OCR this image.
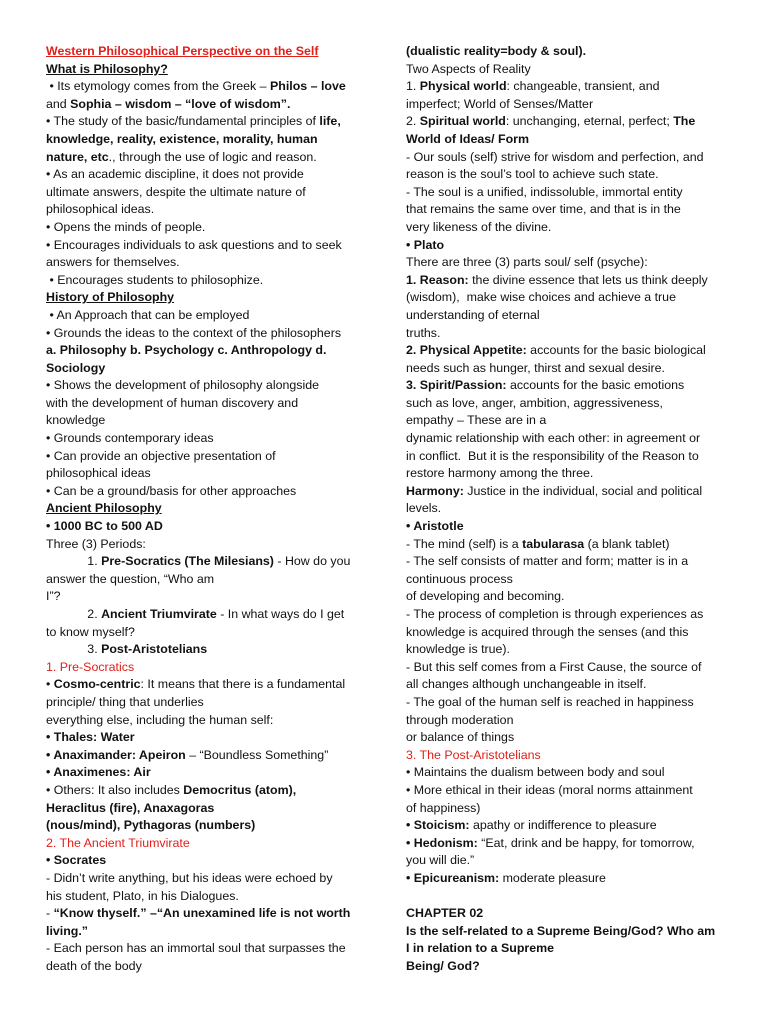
Western Philosophical Perspective on the Self
What is Philosophy?
• Its etymology comes from the Greek – Philos – love
and Sophia – wisdom – “love of wisdom”.
• The study of the basic/fundamental principles of life,
knowledge, reality, existence, morality, human
nature, etc., through the use of logic and reason.
• As an academic discipline, it does not provide
ultimate answers, despite the ultimate nature of
philosophical ideas.
• Opens the minds of people.
• Encourages individuals to ask questions and to seek
answers for themselves.
• Encourages students to philosophize.
History of Philosophy
• An Approach that can be employed
• Grounds the ideas to the context of the philosophers
a. Philosophy b. Psychology c. Anthropology d.
Sociology
• Shows the development of philosophy alongside
with the development of human discovery and
knowledge
• Grounds contemporary ideas
• Can provide an objective presentation of
philosophical ideas
• Can be a ground/basis for other approaches
Ancient Philosophy
• 1000 BC to 500 AD
Three (3) Periods:
1. Pre-Socratics (The Milesians) - How do you
answer the question, “Who am
I”?
2. Ancient Triumvirate - In what ways do I get
to know myself?
3. Post-Aristotelians
1. Pre-Socratics
• Cosmo-centric: It means that there is a fundamental
principle/ thing that underlies
everything else, including the human self:
• Thales: Water
• Anaximander: Apeiron – “Boundless Something”
• Anaximenes: Air
• Others: It also includes Democritus (atom),
Heraclitus (fire), Anaxagoras
(nous/mind), Pythagoras (numbers)
2. The Ancient Triumvirate
• Socrates
- Didn’t write anything, but his ideas were echoed by
his student, Plato, in his Dialogues.
- “Know thyself.” –“An unexamined life is not worth
living.”
- Each person has an immortal soul that surpasses the
death of the body
(dualistic reality=body & soul).
Two Aspects of Reality
1. Physical world: changeable, transient, and
imperfect; World of Senses/Matter
2. Spiritual world: unchanging, eternal, perfect; The
World of Ideas/ Form
- Our souls (self) strive for wisdom and perfection, and
reason is the soul’s tool to achieve such state.
- The soul is a unified, indissoluble, immortal entity
that remains the same over time, and that is in the
very likeness of the divine.
• Plato
There are three (3) parts soul/ self (psyche):
1. Reason: the divine essence that lets us think deeply
(wisdom),  make wise choices and achieve a true
understanding of eternal
truths.
2. Physical Appetite: accounts for the basic biological
needs such as hunger, thirst and sexual desire.
3. Spirit/Passion: accounts for the basic emotions
such as love, anger, ambition, aggressiveness,
empathy – These are in a
dynamic relationship with each other: in agreement or
in conflict.  But it is the responsibility of the Reason to
restore harmony among the three.
Harmony: Justice in the individual, social and political
levels.
• Aristotle
- The mind (self) is a tabularasa (a blank tablet)
- The self consists of matter and form; matter is in a
continuous process
of developing and becoming.
- The process of completion is through experiences as
knowledge is acquired through the senses (and this
knowledge is true).
- But this self comes from a First Cause, the source of
all changes although unchangeable in itself.
- The goal of the human self is reached in happiness
through moderation
or balance of things
3. The Post-Aristotelians
• Maintains the dualism between body and soul
• More ethical in their ideas (moral norms attainment
of happiness)
• Stoicism: apathy or indifference to pleasure
• Hedonism: “Eat, drink and be happy, for tomorrow,
you will die.”
• Epicureanism: moderate pleasure
CHAPTER 02
Is the self-related to a Supreme Being/God? Who am
I in relation to a Supreme
Being/ God?
